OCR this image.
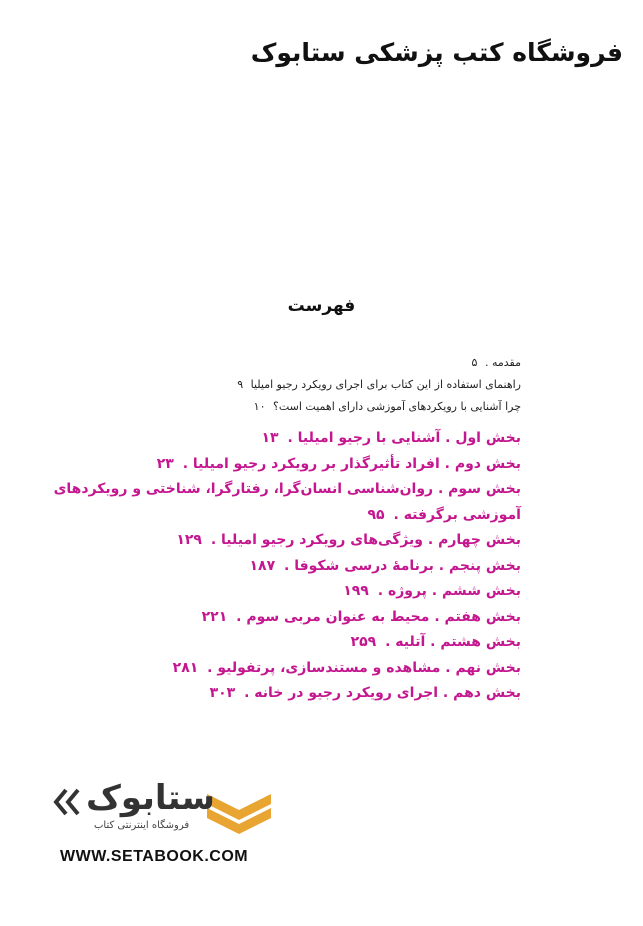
فروشگاه کتب پزشکی ستابوک
فهرست
مقدمه . ۵
راهنمای استفاده از این کتاب برای اجرای رویکرد رجیو امیلیا ۹
چرا آشنایی با رویکردهای آموزشی دارای اهمیت است؟ ۱۰
بخش اول . آشنایی با رجیو امیلیا . ۱۳
بخش دوم . افراد تأثیرگذار بر رویکرد رجیو امیلیا . ۲۳
بخش سوم . روان‌شناسی انسان‌گرا، رفتارگرا، شناختی و رویکردهای
آموزشی برگرفته . ۹۵
بخش چهارم . ویژگی‌های رویکرد رجیو امیلیا . ۱۲۹
بخش پنجم . برنامهٔ درسی شکوفا . ۱۸۷
بخش ششم . پروژه . ۱۹۹
بخش هفتم . محیط به عنوان مربی سوم . ۲۲۱
بخش هشتم . آتلیه . ۲۵۹
بخش نهم . مشاهده و مستندسازی، پرتفولیو . ۲۸۱
بخش دهم . اجرای رویکرد رجیو در خانه . ۳۰۳
ستابوک
فروشگاه اینترنتی کتاب
WWW.SETABOOK.COM
